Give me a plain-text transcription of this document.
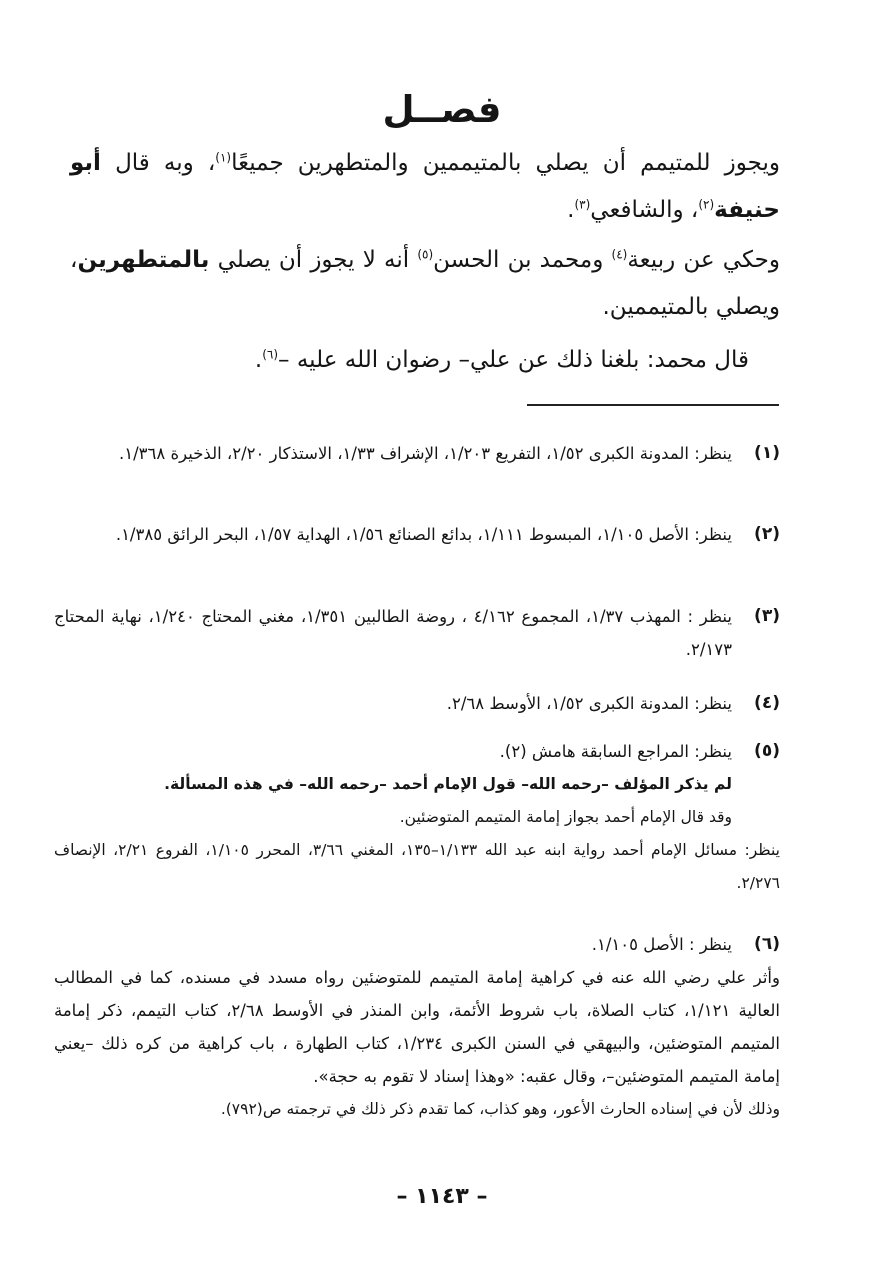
فصــل
ويجوز للمتيمم أن يصلي بالمتيممين والمتطهرين جميعًا$^{(١)}$، وبه قال أبو حنيفة$^{(٢)}$، والشافعي$^{(٣)}$.
وحكي عن ربيعة$^{(٤)}$ ومحمد بن الحسن$^{(٥)}$ أنه لا يجوز أن يصلي بالمتطهرين، ويصلي بالمتيممين.
قال محمد: بلغنا ذلك عن علي– رضوان الله عليه –$^{(٦)}$.
(١)

ينظر: المدونة الكبرى ١/٥٢، التفريع ١/٢٠٣، الإشراف ١/٣٣، الاستذكار ٢/٢٠، الذخيرة ١/٣٦٨.

(٢)

ينظر: الأصل ١/١٠٥، المبسوط ١/١١١، بدائع الصنائع ١/٥٦، الهداية ١/٥٧، البحر الرائق ١/٣٨٥.

(٣)

ينظر : المهذب ١/٣٧، المجموع ٤/١٦٢ ، روضة الطالبين ١/٣٥١، مغني المحتاج ١/٢٤٠، نهاية المحتاج ٢/١٧٣.

(٤)

ينظر: المدونة الكبرى ١/٥٢، الأوسط ٢/٦٨.

(٥)

ينظر: المراجع السابقة هامش (٢).

لم يذكر المؤلف –رحمه الله– قول الإمام أحمد –رحمه الله– في هذه المسألة.

وقد قال الإمام أحمد بجواز إمامة المتيمم المتوضئين.

ينظر: مسائل الإمام أحمد رواية ابنه عبد الله ١/١٣٣–١٣٥، المغني ٣/٦٦، المحرر ١/١٠٥، الفروع ٢/٢١، الإنصاف ٢/٢٧٦.

(٦)

ينظر : الأصل ١/١٠٥.

وأثر علي رضي الله عنه في كراهية إمامة المتيمم للمتوضئين رواه مسدد في مسنده، كما في المطالب العالية ١/١٢١، كتاب الصلاة، باب شروط الأئمة، وابن المنذر في الأوسط ٢/٦٨، كتاب التيمم، ذكر إمامة المتيمم المتوضئين، والبيهقي في السنن الكبرى ١/٢٣٤، كتاب الطهارة ، باب كراهية من كره ذلك –يعني إمامة المتيمم المتوضئين–، وقال عقبه: «وهذا إسناد لا تقوم به حجة».

وذلك لأن في إسناده الحارث الأعور، وهو كذاب، كما تقدم ذكر ذلك في ترجمته ص(٧٩٢).

– ١١٤٣ –
